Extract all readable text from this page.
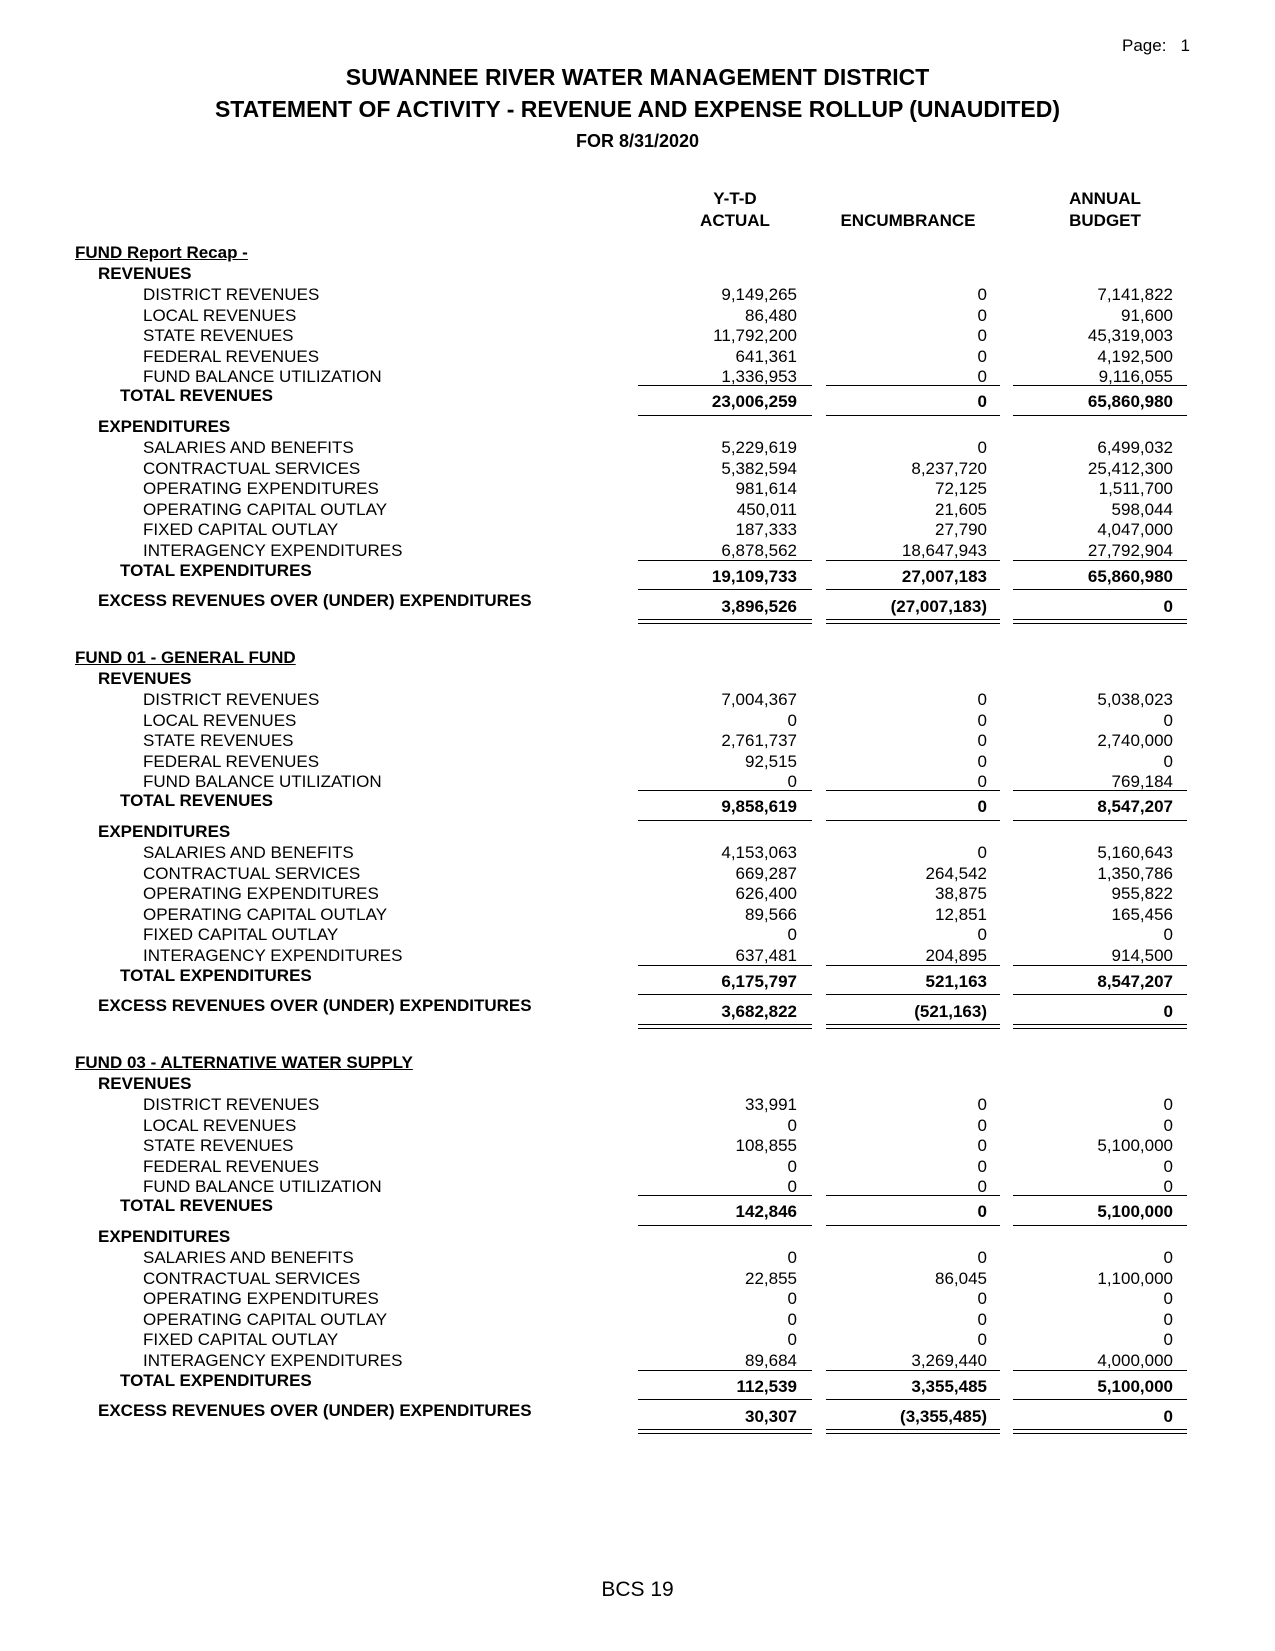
Page: 1
SUWANNEE RIVER WATER MANAGEMENT DISTRICT
STATEMENT OF ACTIVITY - REVENUE AND EXPENSE ROLLUP (UNAUDITED)
FOR 8/31/2020
Y-T-D
ACTUAL	ENCUMBRANCE
ANNUAL
BUDGET
FUND Report Recap -
REVENUES
DISTRICT REVENUES	9,149,265	0	7,141,822
LOCAL REVENUES	86,480	0	91,600
STATE REVENUES	11,792,200	0	45,319,003
FEDERAL REVENUES	641,361	0	4,192,500
FUND BALANCE UTILIZATION	1,336,953	0	9,116,055
TOTAL REVENUES	23,006,259	0	65,860,980
EXPENDITURES
SALARIES AND BENEFITS	5,229,619	0	6,499,032
CONTRACTUAL SERVICES	5,382,594	8,237,720	25,412,300
OPERATING EXPENDITURES	981,614	72,125	1,511,700
OPERATING CAPITAL OUTLAY	450,011	21,605	598,044
FIXED CAPITAL OUTLAY	187,333	27,790	4,047,000
INTERAGENCY EXPENDITURES	6,878,562	18,647,943	27,792,904
TOTAL EXPENDITURES	19,109,733	27,007,183	65,860,980
EXCESS REVENUES OVER (UNDER) EXPENDITURES	3,896,526	(27,007,183)	0
FUND 01 - GENERAL FUND
REVENUES
DISTRICT REVENUES	7,004,367	0	5,038,023
LOCAL REVENUES	0	0	0
STATE REVENUES	2,761,737	0	2,740,000
FEDERAL REVENUES	92,515	0	0
FUND BALANCE UTILIZATION	0	0	769,184
TOTAL REVENUES	9,858,619	0	8,547,207
EXPENDITURES
SALARIES AND BENEFITS	4,153,063	0	5,160,643
CONTRACTUAL SERVICES	669,287	264,542	1,350,786
OPERATING EXPENDITURES	626,400	38,875	955,822
OPERATING CAPITAL OUTLAY	89,566	12,851	165,456
FIXED CAPITAL OUTLAY	0	0	0
INTERAGENCY EXPENDITURES	637,481	204,895	914,500
TOTAL EXPENDITURES	6,175,797	521,163	8,547,207
EXCESS REVENUES OVER (UNDER) EXPENDITURES	3,682,822	(521,163)	0
FUND 03 - ALTERNATIVE WATER SUPPLY
REVENUES
DISTRICT REVENUES	33,991	0	0
LOCAL REVENUES	0	0	0
STATE REVENUES	108,855	0	5,100,000
FEDERAL REVENUES	0	0	0
FUND BALANCE UTILIZATION	0	0	0
TOTAL REVENUES	142,846	0	5,100,000
EXPENDITURES
SALARIES AND BENEFITS	0	0	0
CONTRACTUAL SERVICES	22,855	86,045	1,100,000
OPERATING EXPENDITURES	0	0	0
OPERATING CAPITAL OUTLAY	0	0	0
FIXED CAPITAL OUTLAY	0	0	0
INTERAGENCY EXPENDITURES	89,684	3,269,440	4,000,000
TOTAL EXPENDITURES	112,539	3,355,485	5,100,000
EXCESS REVENUES OVER (UNDER) EXPENDITURES	30,307	(3,355,485)	0
BCS 19
